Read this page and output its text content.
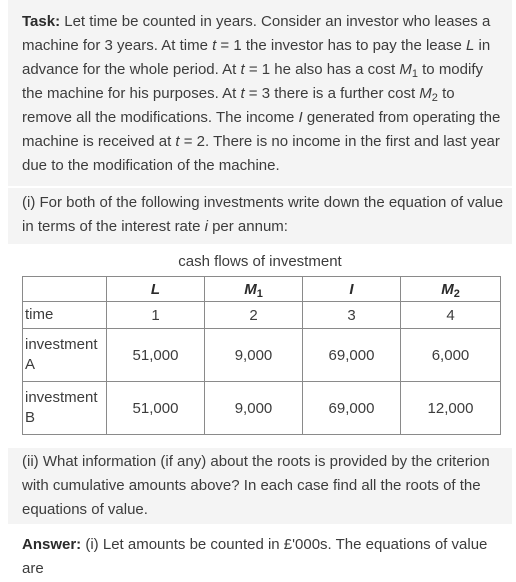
Task: Let time be counted in years. Consider an investor who leases a machine for 3 years. At time t = 1 the investor has to pay the lease L in advance for the whole period. At t = 1 he also has a cost $M_1$ to modify the machine for his purposes. At t = 3 there is a further cost $M_2$ to remove all the modifications. The income I generated from operating the machine is received at t = 2. There is no income in the first and last year due to the modification of the machine.
(i) For both of the following investments write down the equation of value in terms of the interest rate i per annum:
cash flows of investment
	L	$M_1$	I	$M_2$
time	1	2	3	4
investment A	51,000	9,000	69,000	6,000
investment B	51,000	9,000	69,000	12,000
(ii) What information (if any) about the roots is provided by the criterion with cumulative amounts above? In each case find all the roots of the equations of value.
Answer: (i) Let amounts be counted in £'000s. The equations of value are
